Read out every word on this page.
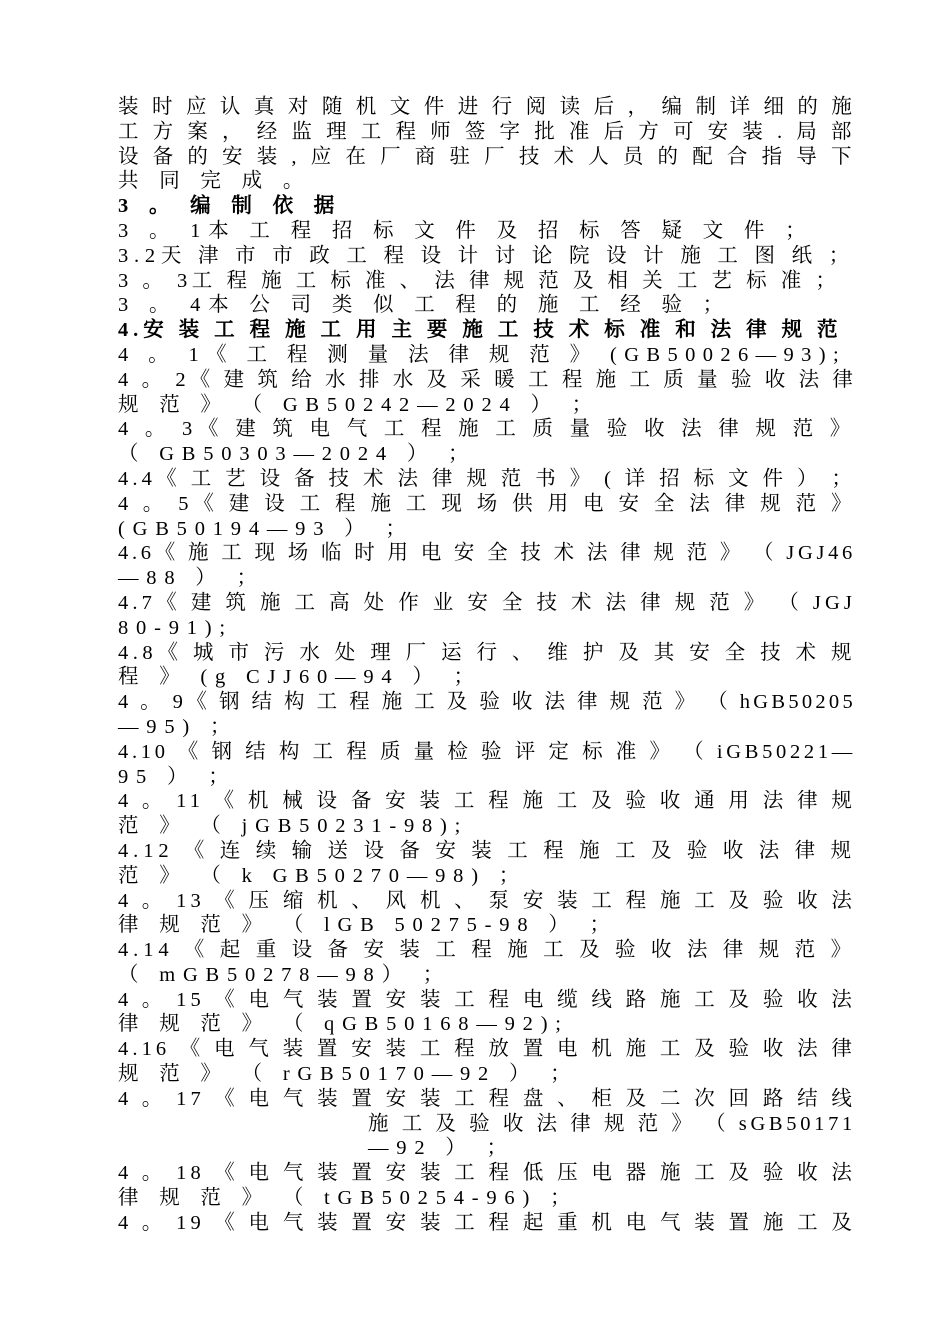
装 时 应 认 真 对 随 机 文 件 进 行 阅 读 后 ， 编 制 详 细 的 施
工 方 案 ， 经 监 理 工 程 师 签 字 批 准 后 方 可 安 装 . 局 部
设 备 的 安 装 , 应 在 厂 商 驻 厂 技 术 人 员 的 配 合 指 导 下
共 同 完 成 。
3 。 编 制 依 据
3 。 1本 工 程 招 标 文 件 及 招 标 答 疑 文 件 ；
3.2天 津 市 市 政 工 程 设 计 讨 论 院 设 计 施 工 图 纸 ；
3 。 3工 程 施 工 标 准 、 法 律 规 范 及 相 关 工 艺 标 准 ；
3 。 4本 公 司 类 似 工 程 的 施 工 经 验 ；
4.安 装 工 程 施 工 用 主 要 施 工 技 术 标 准 和 法 律 规 范
4 。 1《 工 程 测 量 法 律 规 范 》 (GB50026—93);
4 。 2《 建 筑 给 水 排 水 及 采 暖 工 程 施 工 质 量 验 收 法 律
规 范 》 （ GB50242—2024 ） ；
4 。 3《 建 筑 电 气 工 程 施 工 质 量 验 收 法 律 规 范 》
（ GB50303—2024 ） ；
4.4《 工 艺 设 备 技 术 法 律 规 范 书 》 ( 详 招 标 文 件 ） ；
4 。 5《 建 设 工 程 施 工 现 场 供 用 电 安 全 法 律 规 范 》
(GB50194—93 ） ；
4.6《 施 工 现 场 临 时 用 电 安 全 技 术 法 律 规 范 》 （ JGJ46
—88 ） ；
4.7《 建 筑 施 工 高 处 作 业 安 全 技 术 法 律 规 范 》 （ JGJ
80-91);
4.8《 城 市 污 水 处 理 厂 运 行 、 维 护 及 其 安 全 技 术 规
程 》 (g CJJ60—94 ） ；
4 。 9《 钢 结 构 工 程 施 工 及 验 收 法 律 规 范 》 （ hGB50205
—95) ；
4.10 《 钢 结 构 工 程 质 量 检 验 评 定 标 准 》 （ iGB50221—
95 ） ；
4 。 11 《 机 械 设 备 安 装 工 程 施 工 及 验 收 通 用 法 律 规
范 》 （ jGB50231-98);
4.12 《 连 续 输 送 设 备 安 装 工 程 施 工 及 验 收 法 律 规
范 》 （ k GB50270—98) ；
4 。 13 《 压 缩 机 、 风 机 、 泵 安 装 工 程 施 工 及 验 收 法
律 规 范 》 （ lGB 50275-98 ） ；
4.14 《 起 重 设 备 安 装 工 程 施 工 及 验 收 法 律 规 范 》
（ mGB50278—98） ；
4 。 15 《 电 气 装 置 安 装 工 程 电 缆 线 路 施 工 及 验 收 法
律 规 范 》 （ qGB50168—92);
4.16 《 电 气 装 置 安 装 工 程 放 置 电 机 施 工 及 验 收 法 律
规 范 》 （ rGB50170—92 ） ；
4 。 17 《 电 气 装 置 安 装 工 程 盘 、 柜 及 二 次 回 路 结 线
施 工 及 验 收 法 律 规 范 》 （ sGB50171
—92 ） ；
4 。 18 《 电 气 装 置 安 装 工 程 低 压 电 器 施 工 及 验 收 法
律 规 范 》 （ tGB50254-96) ；
4 。 19 《 电 气 装 置 安 装 工 程 起 重 机 电 气 装 置 施 工 及
